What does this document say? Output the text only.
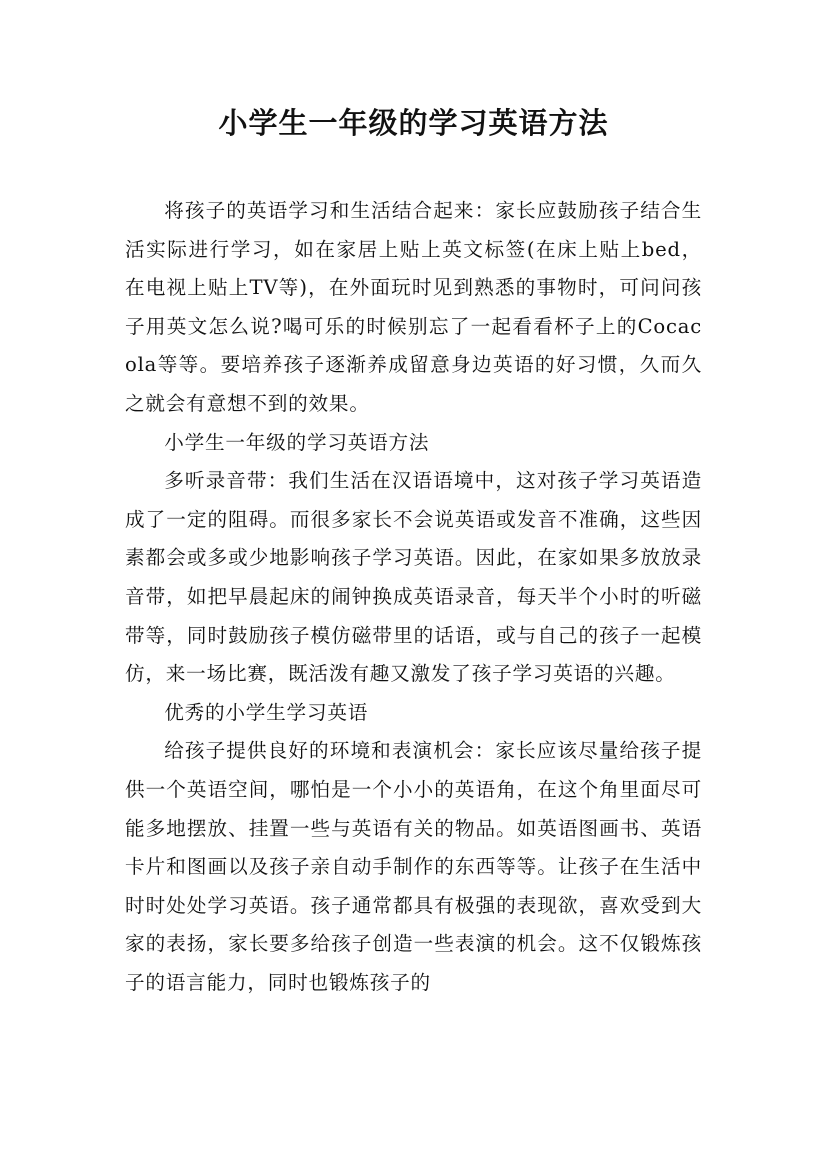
小学生一年级的学习英语方法

将孩子的英语学习和生活结合起来：家长应鼓励孩子结合生活实际进行学习，如在家居上贴上英文标签(在床上贴上bed，在电视上贴上TV等)，在外面玩时见到熟悉的事物时，可问问孩子用英文怎么说?喝可乐的时候别忘了一起看看杯子上的Cocacola等等。要培养孩子逐渐养成留意身边英语的好习惯，久而久之就会有意想不到的效果。

小学生一年级的学习英语方法

多听录音带：我们生活在汉语语境中，这对孩子学习英语造成了一定的阻碍。而很多家长不会说英语或发音不准确，这些因素都会或多或少地影响孩子学习英语。因此，在家如果多放放录音带，如把早晨起床的闹钟换成英语录音，每天半个小时的听磁带等，同时鼓励孩子模仿磁带里的话语，或与自己的孩子一起模仿，来一场比赛，既活泼有趣又激发了孩子学习英语的兴趣。

优秀的小学生学习英语

给孩子提供良好的环境和表演机会：家长应该尽量给孩子提供一个英语空间，哪怕是一个小小的英语角，在这个角里面尽可能多地摆放、挂置一些与英语有关的物品。如英语图画书、英语卡片和图画以及孩子亲自动手制作的东西等等。让孩子在生活中时时处处学习英语。孩子通常都具有极强的表现欲，喜欢受到大家的表扬，家长要多给孩子创造一些表演的机会。这不仅锻炼孩子的语言能力，同时也锻炼孩子的
